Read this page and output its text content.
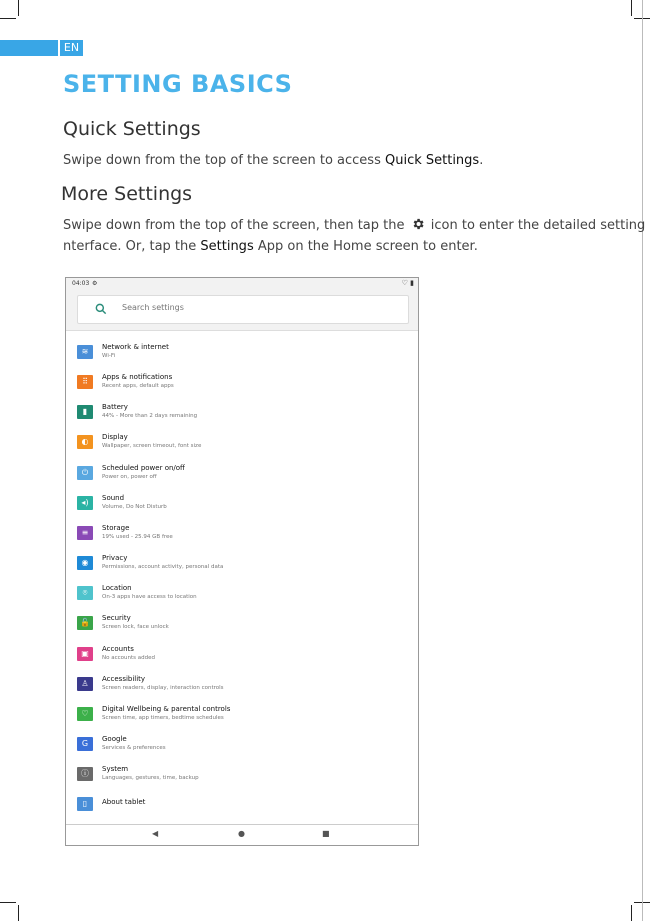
EN
SETTING BASICS
Quick Settings
Swipe down from the top of the screen to access Quick Settings.
More Settings
Swipe down from the top of the screen, then tap the icon to enter the detailed setting
nterface. Or, tap the Settings App on the Home screen to enter.
04:03 ⚙	♡ ▮
Search settings
≋	Network & internet
Wi-Fi
⠿	Apps & notifications
Recent apps, default apps
▮	Battery
44% - More than 2 days remaining
◐	Display
Wallpaper, screen timeout, font size
⏻	Scheduled power on/off
Power on, power off
◂)	Sound
Volume, Do Not Disturb
≡	Storage
19% used - 25.94 GB free
◉	Privacy
Permissions, account activity, personal data
⌾	Location
On-3 apps have access to location
🔓	Security
Screen lock, face unlock
▣	Accounts
No accounts added
♙	Accessibility
Screen readers, display, interaction controls
♡	Digital Wellbeing & parental controls
Screen time, app timers, bedtime schedules
G	Google
Services & preferences
ⓘ	System
Languages, gestures, time, backup
▯	About tablet
◀	●	■
